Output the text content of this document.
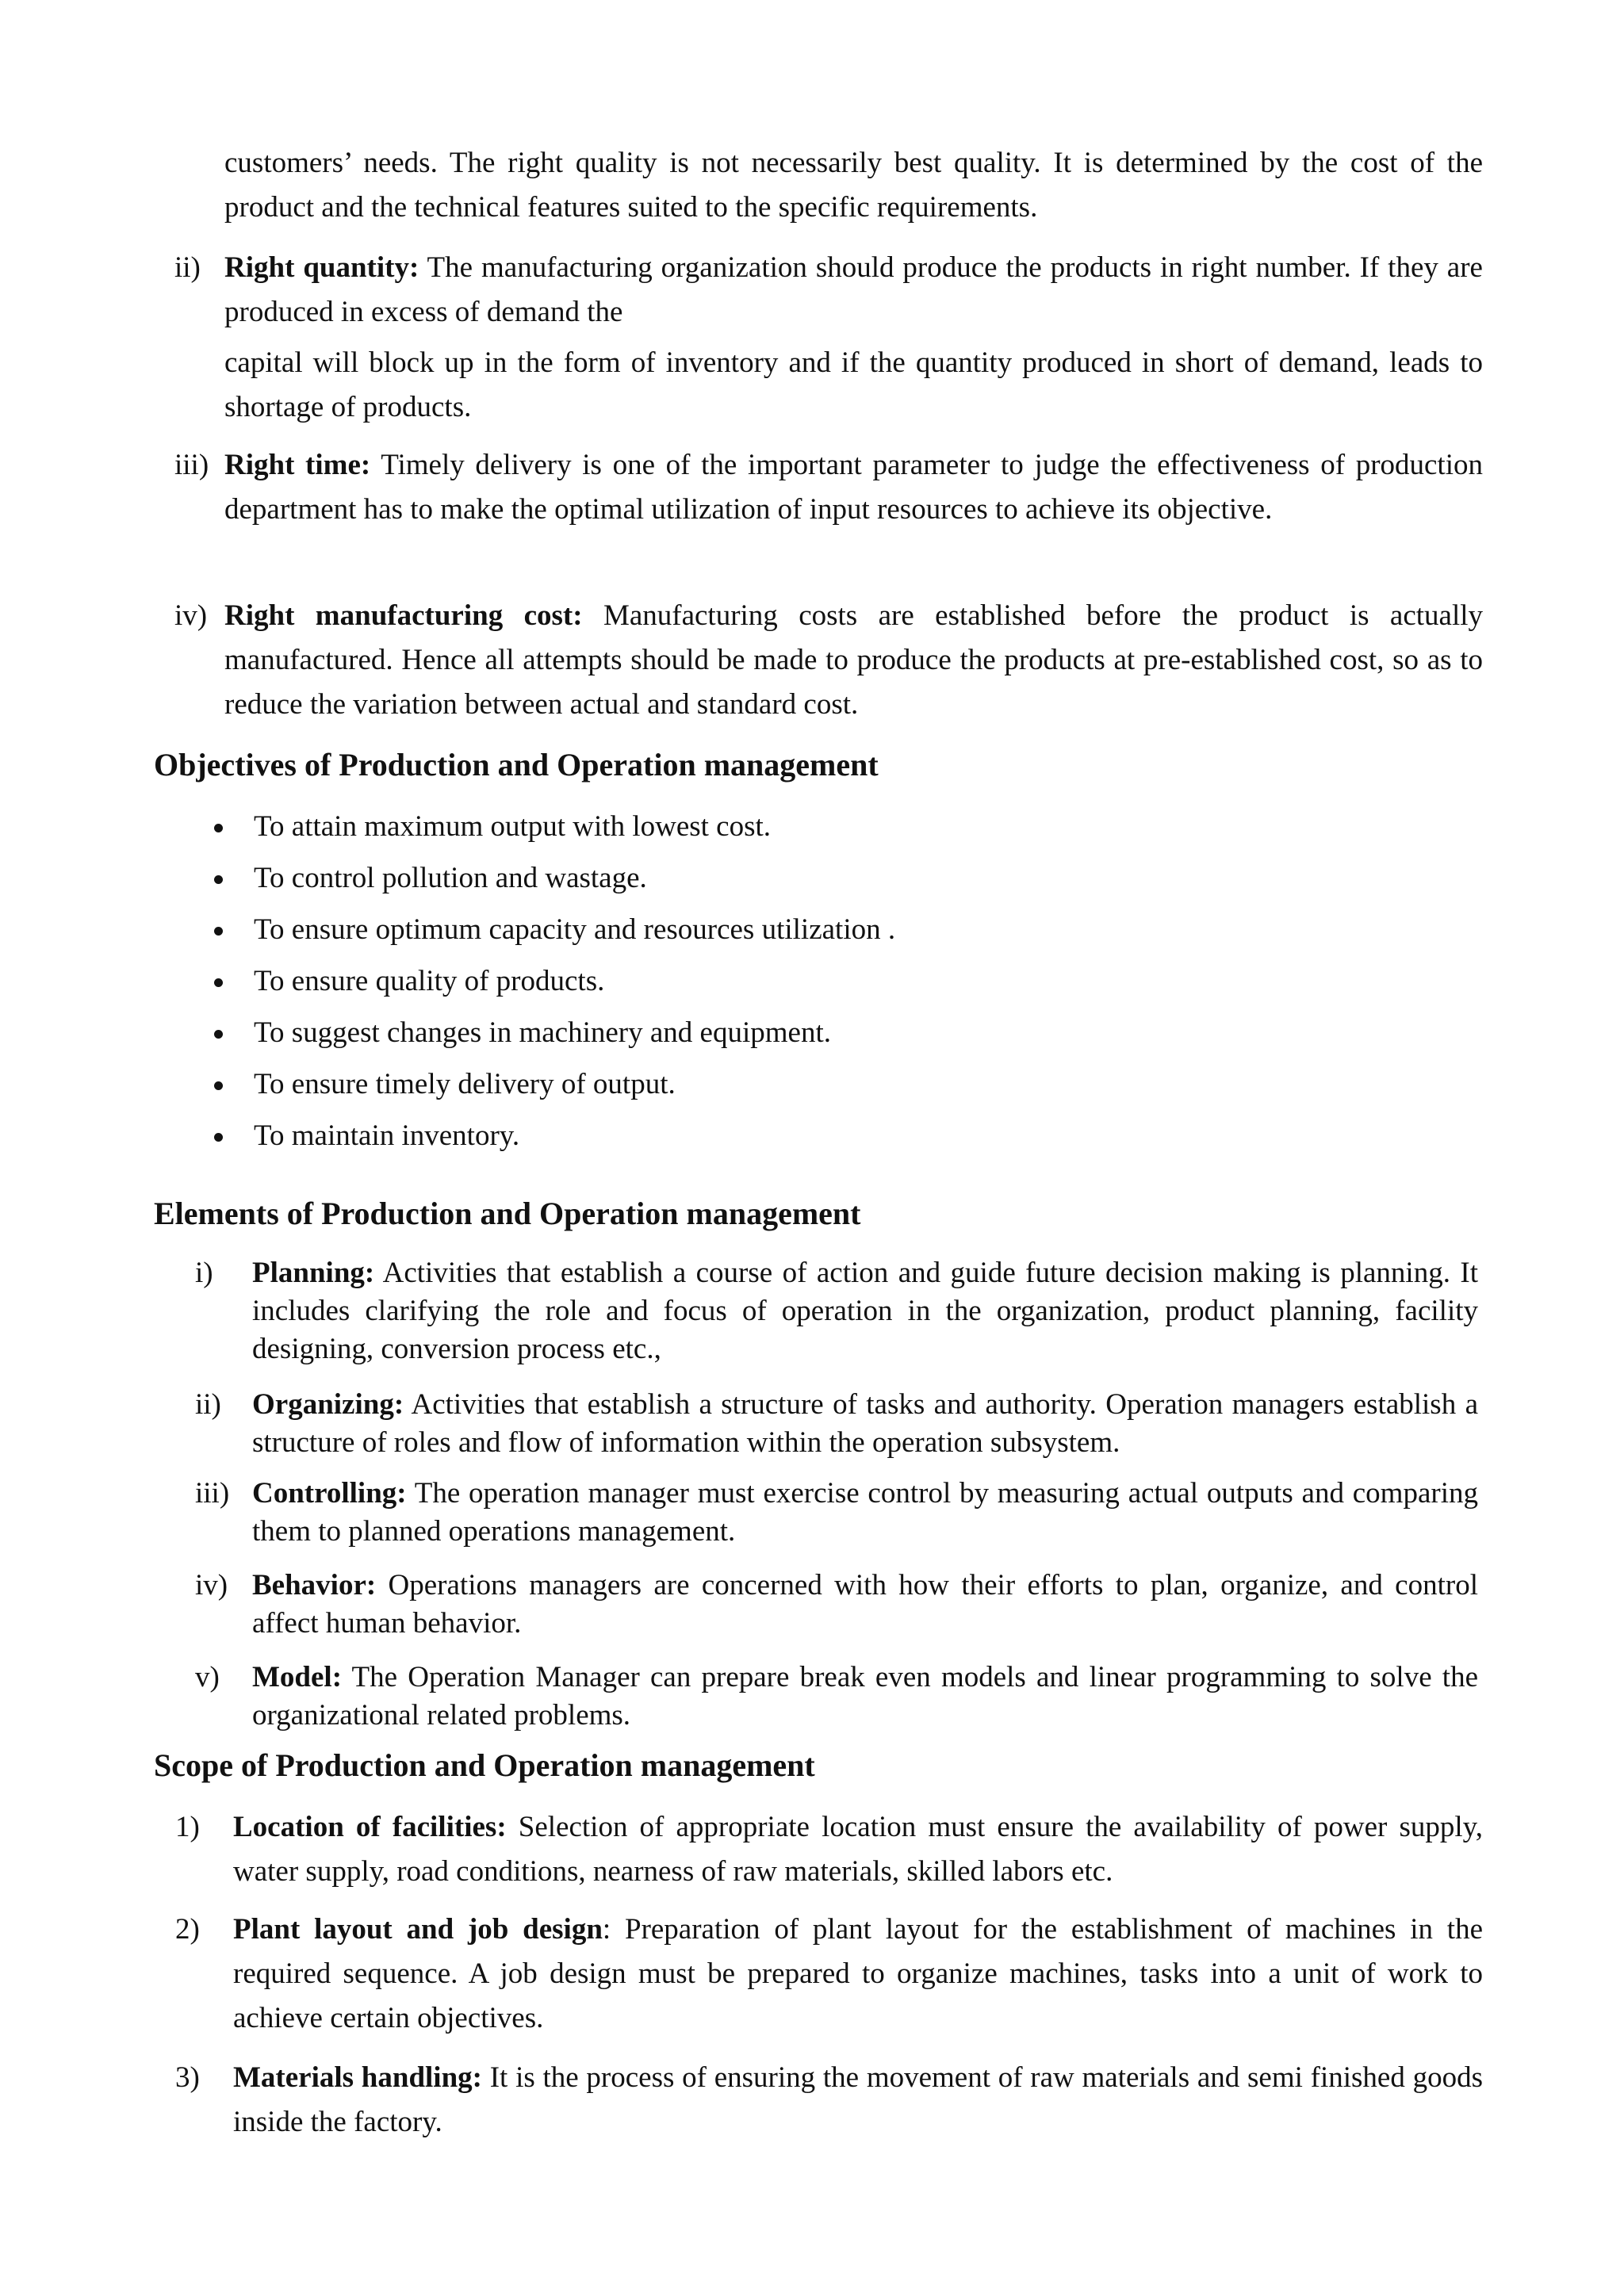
customers’ needs. The right quality is not necessarily best quality. It is determined by the cost of the product and the technical features suited to the specific requirements.

ii) Right quantity: The manufacturing organization should produce the products in right number. If they are produced in excess of demand the

capital will block up in the form of inventory and if the quantity produced in short of demand, leads to shortage of products.

iii) Right time: Timely delivery is one of the important parameter to judge the effectiveness of production department has to make the optimal utilization of input resources to achieve its objective.
iv) Right manufacturing cost: Manufacturing costs are established before the product is actually manufactured. Hence all attempts should be made to produce the products at pre-established cost, so as to reduce the variation between actual and standard cost.
Objectives of Production and Operation management
To attain maximum output with lowest cost.
To control pollution and wastage.
To ensure optimum capacity and resources utilization .
To ensure quality of products.
To suggest changes in machinery and equipment.
To ensure timely delivery of output.
To maintain inventory.
Elements of Production and Operation management
i) Planning: Activities that establish a course of action and guide future decision making is planning. It includes clarifying the role and focus of operation in the organization, product planning, facility designing, conversion process etc.,
ii) Organizing: Activities that establish a structure of tasks and authority. Operation managers establish a structure of roles and flow of information within the operation subsystem.
iii) Controlling: The operation manager must exercise control by measuring actual outputs and comparing them to planned operations management.
iv) Behavior: Operations managers are concerned with how their efforts to plan, organize, and control affect human behavior.
v) Model: The Operation Manager can prepare break even models and linear programming to solve the organizational related problems.
Scope of Production and Operation management
1) Location of facilities: Selection of appropriate location must ensure the availability of power supply, water supply, road conditions, nearness of raw materials, skilled labors etc.
2) Plant layout and job design: Preparation of plant layout for the establishment of machines in the required sequence. A job design must be prepared to organize machines, tasks into a unit of work to achieve certain objectives.
3) Materials handling: It is the process of ensuring the movement of raw materials and semi finished goods inside the factory.
